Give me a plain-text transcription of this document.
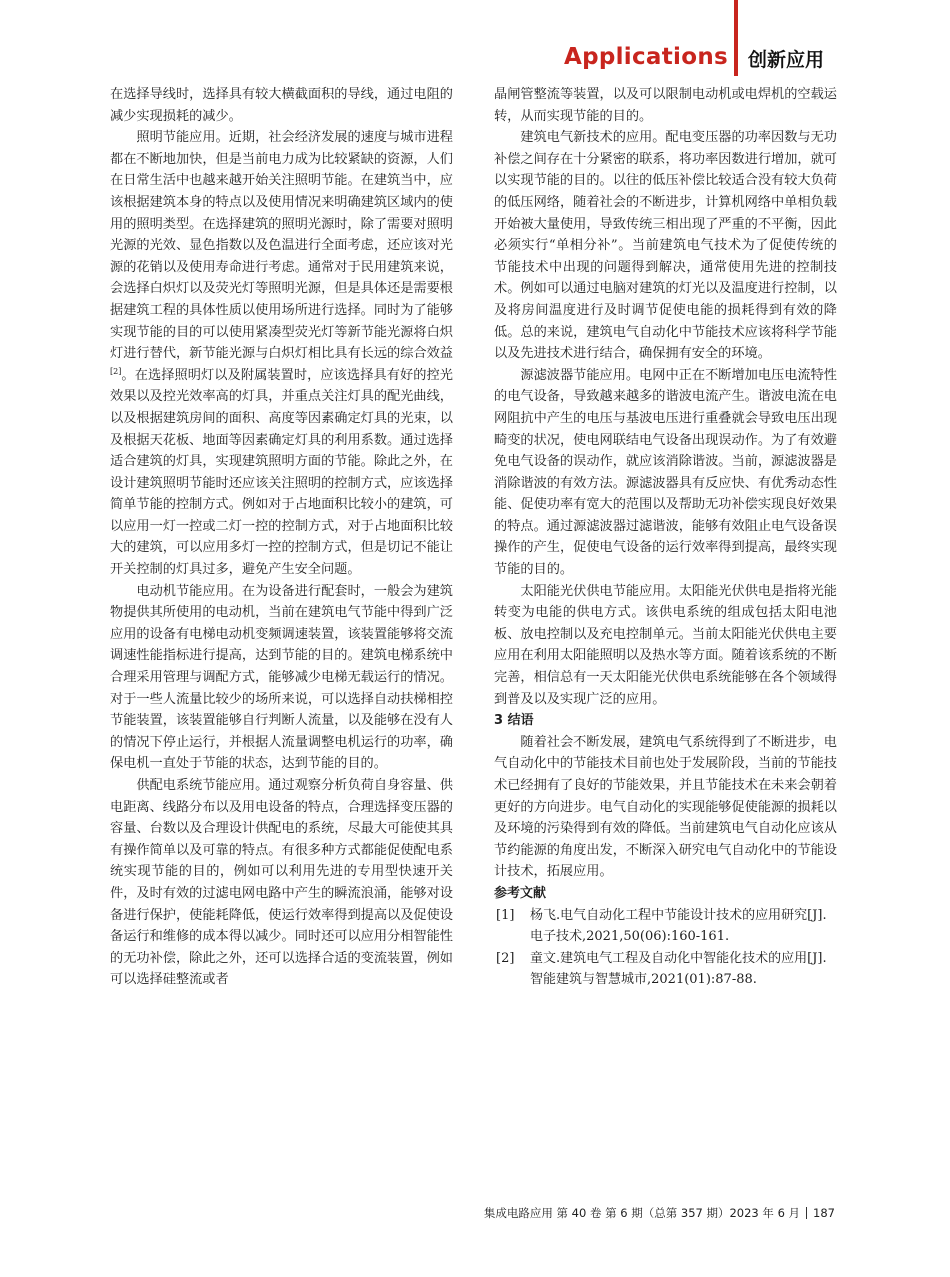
Applications 创新应用

在选择导线时，选择具有较大横截面积的导线，通过电阻的减少实现损耗的减少。

照明节能应用。近期，社会经济发展的速度与城市进程都在不断地加快，但是当前电力成为比较紧缺的资源，人们在日常生活中也越来越开始关注照明节能。在建筑当中，应该根据建筑本身的特点以及使用情况来明确建筑区域内的使用的照明类型。在选择建筑的照明光源时，除了需要对照明光源的光效、显色指数以及色温进行全面考虑，还应该对光源的花销以及使用寿命进行考虑。通常对于民用建筑来说，会选择白炽灯以及荧光灯等照明光源，但是具体还是需要根据建筑工程的具体性质以使用场所进行选择。同时为了能够实现节能的目的可以使用紧凑型荧光灯等新节能光源将白炽灯进行替代，新节能光源与白炽灯相比具有长远的综合效益[2]。在选择照明灯以及附属装置时，应该选择具有好的控光效果以及控光效率高的灯具，并重点关注灯具的配光曲线，以及根据建筑房间的面积、高度等因素确定灯具的光束，以及根据天花板、地面等因素确定灯具的利用系数。通过选择适合建筑的灯具，实现建筑照明方面的节能。除此之外，在设计建筑照明节能时还应该关注照明的控制方式，应该选择简单节能的控制方式。例如对于占地面积比较小的建筑，可以应用一灯一控或二灯一控的控制方式，对于占地面积比较大的建筑，可以应用多灯一控的控制方式，但是切记不能让开关控制的灯具过多，避免产生安全问题。

电动机节能应用。在为设备进行配套时，一般会为建筑物提供其所使用的电动机，当前在建筑电气节能中得到广泛应用的设备有电梯电动机变频调速装置，该装置能够将交流调速性能指标进行提高，达到节能的目的。建筑电梯系统中合理采用管理与调配方式，能够减少电梯无载运行的情况。对于一些人流量比较少的场所来说，可以选择自动扶梯相控节能装置，该装置能够自行判断人流量，以及能够在没有人的情况下停止运行，并根据人流量调整电机运行的功率，确保电机一直处于节能的状态，达到节能的目的。

供配电系统节能应用。通过观察分析负荷自身容量、供电距离、线路分布以及用电设备的特点，合理选择变压器的容量、台数以及合理设计供配电的系统，尽最大可能使其具有操作简单以及可靠的特点。有很多种方式都能促使配电系统实现节能的目的，例如可以利用先进的专用型快速开关件，及时有效的过滤电网电路中产生的瞬流浪涌，能够对设备进行保护，使能耗降低，使运行效率得到提高以及促使设备运行和维修的成本得以减少。同时还可以应用分相智能性的无功补偿，除此之外，还可以选择合适的变流装置，例如可以选择硅整流或者

晶闸管整流等装置，以及可以限制电动机或电焊机的空载运转，从而实现节能的目的。

建筑电气新技术的应用。配电变压器的功率因数与无功补偿之间存在十分紧密的联系，将功率因数进行增加，就可以实现节能的目的。以往的低压补偿比较适合没有较大负荷的低压网络，随着社会的不断进步，计算机网络中单相负载开始被大量使用，导致传统三相出现了严重的不平衡，因此必须实行“单相分补”。当前建筑电气技术为了促使传统的节能技术中出现的问题得到解决，通常使用先进的控制技术。例如可以通过电脑对建筑的灯光以及温度进行控制，以及将房间温度进行及时调节促使电能的损耗得到有效的降低。总的来说，建筑电气自动化中节能技术应该将科学节能以及先进技术进行结合，确保拥有安全的环境。

源滤波器节能应用。电网中正在不断增加电压电流特性的电气设备，导致越来越多的谐波电流产生。谐波电流在电网阻抗中产生的电压与基波电压进行重叠就会导致电压出现畸变的状况，使电网联结电气设备出现误动作。为了有效避免电气设备的误动作，就应该消除谐波。当前，源滤波器是消除谐波的有效方法。源滤波器具有反应快、有优秀动态性能、促使功率有宽大的范围以及帮助无功补偿实现良好效果的特点。通过源滤波器过滤谐波，能够有效阻止电气设备误操作的产生，促使电气设备的运行效率得到提高，最终实现节能的目的。

太阳能光伏供电节能应用。太阳能光伏供电是指将光能转变为电能的供电方式。该供电系统的组成包括太阳电池板、放电控制以及充电控制单元。当前太阳能光伏供电主要应用在利用太阳能照明以及热水等方面。随着该系统的不断完善，相信总有一天太阳能光伏供电系统能够在各个领域得到普及以及实现广泛的应用。

3 结语

随着社会不断发展，建筑电气系统得到了不断进步，电气自动化中的节能技术目前也处于发展阶段，当前的节能技术已经拥有了良好的节能效果，并且节能技术在未来会朝着更好的方向进步。电气自动化的实现能够促使能源的损耗以及环境的污染得到有效的降低。当前建筑电气自动化应该从节约能源的角度出发，不断深入研究电气自动化中的节能设计技术，拓展应用。

参考文献
[1] 杨飞.电气自动化工程中节能设计技术的应用研究[J].电子技术,2021,50(06):160-161.
[2] 童文.建筑电气工程及自动化中智能化技术的应用[J].智能建筑与智慧城市,2021(01):87-88.
集成电路应用 第 40 卷 第 6 期（总第 357 期）2023 年 6 月 187
